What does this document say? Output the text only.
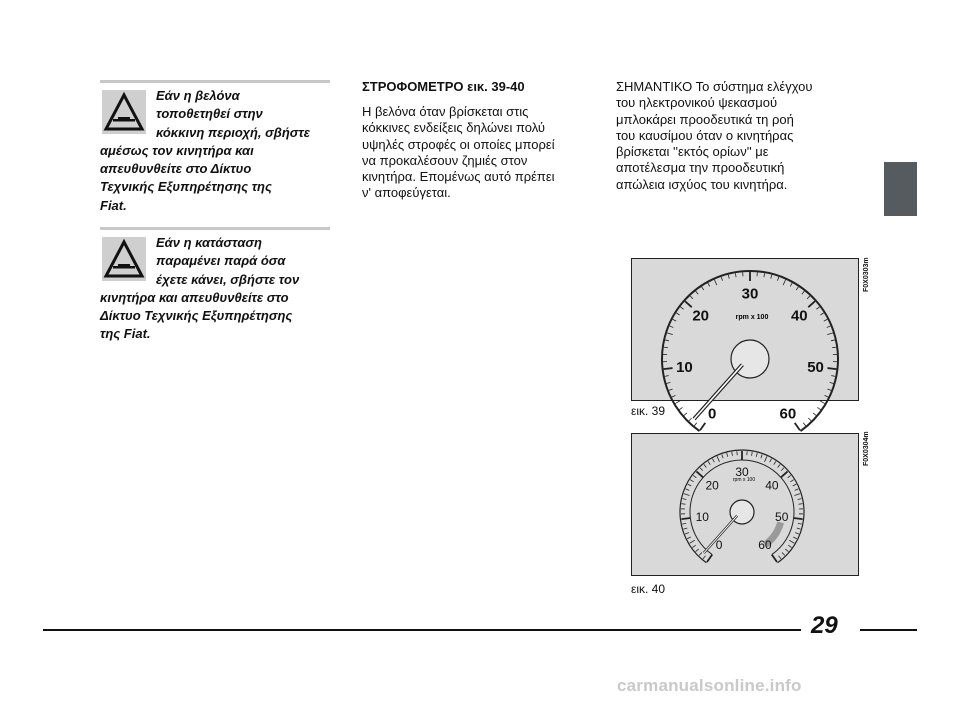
Εάν η βελόνα
τοποθετηθεί στην
κόκκινη περιοχή, σβήστε
αμέσως τον κινητήρα και
απευθυνθείτε στο Δίκτυο
Τεχνικής Εξυπηρέτησης της
Fiat.
Εάν η κατάσταση
παραμένει παρά όσα
έχετε κάνει, σβήστε τον
κινητήρα και απευθυνθείτε στο
Δίκτυο Τεχνικής Εξυπηρέτησης
της Fiat.
ΣΤΡΟΦΟΜΕΤΡΟ εικ. 39-40
Η βελόνα όταν βρίσκεται στις
κόκκινες ενδείξεις δηλώνει πολύ
υψηλές στροφές οι οποίες μπορεί
να προκαλέσουν ζημιές στον
κινητήρα. Επομένως αυτό πρέπει
ν' αποφεύγεται.
ΣΗΜΑΝΤΙΚΟ Το σύστημα ελέγχου
του ηλεκτρονικού ψεκασμού
μπλοκάρει προοδευτικά τη ροή
του καυσίμου όταν ο κινητήρας
βρίσκεται ''εκτός ορίων'' με
αποτέλεσμα την προοδευτική
απώλεια ισχύος του κινητήρα.
0
10
20
30
40
50
60
rpm x 100
F0X0303m
εικ. 39
0
10
20
30
40
50
60
rpm x 100
F0X0304m
εικ. 40
29
carmanualsonline.info
